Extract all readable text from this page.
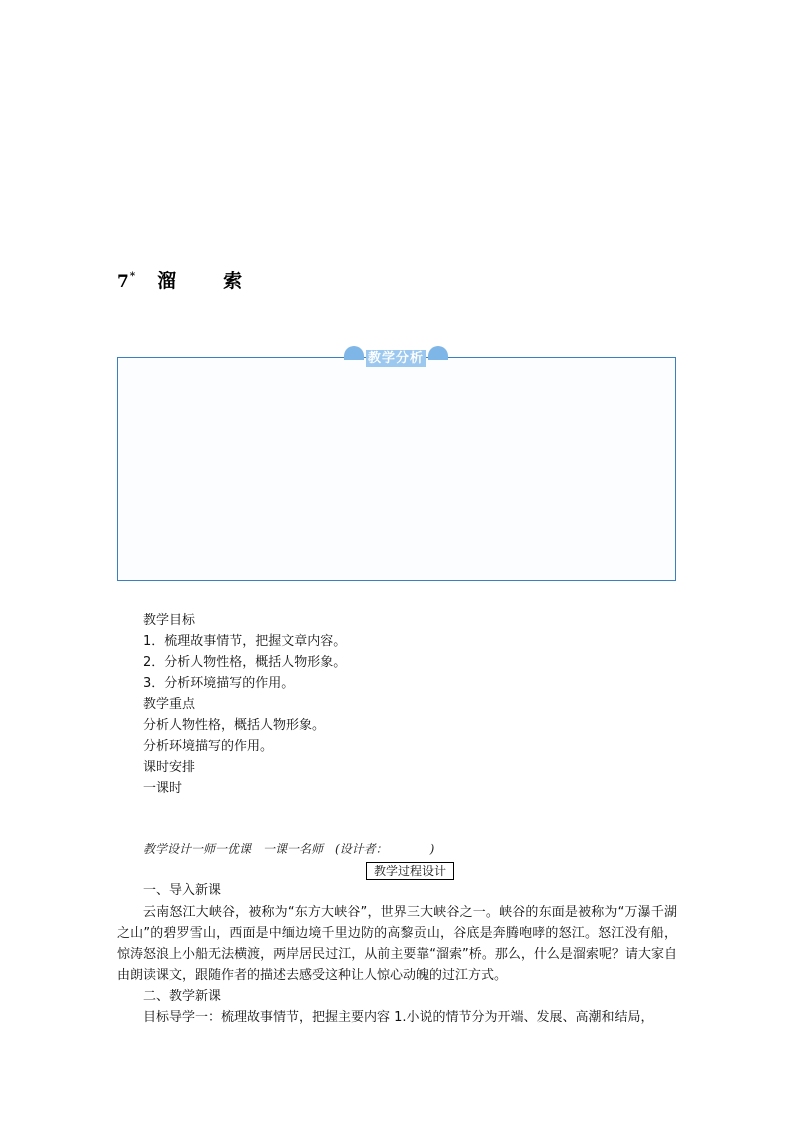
7* 溜　索
教学分析
教学目标
1．梳理故事情节，把握文章内容。
2．分析人物性格，概括人物形象。
3．分析环境描写的作用。
教学重点
分析人物性格，概括人物形象。
分析环境描写的作用。
课时安排
一课时
教学设计一师一优课　一课一名师　(设计者：　　　　)
教学过程设计
一、导入新课
云南怒江大峡谷，被称为“东方大峡谷”，世界三大峡谷之一。峡谷的东面是被称为“万瀑千湖之山”的碧罗雪山，西面是中缅边境千里边防的高黎贡山，谷底是奔腾咆哮的怒江。怒江没有船，惊涛怒浪上小船无法横渡，两岸居民过江，从前主要靠“溜索”桥。那么，什么是溜索呢？请大家自由朗读课文，跟随作者的描述去感受这种让人惊心动魄的过江方式。
二、教学新课
目标导学一：梳理故事情节，把握主要内容 1.小说的情节分为开端、发展、高潮和结局，
